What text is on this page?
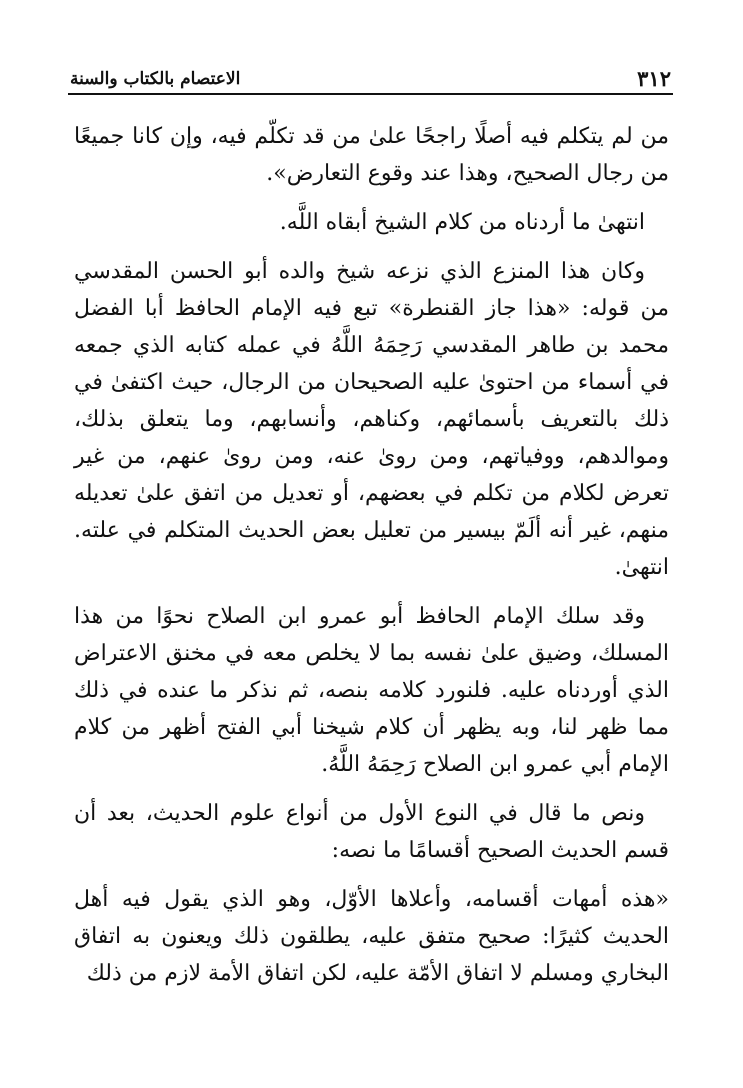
٣١٢
الاعتصام بالكتاب والسنة

من لم يتكلم فيه أصلًا راجحًا علىٰ من قد تكلّم فيه، وإن كانا جميعًا من رجال الصحيح، وهذا عند وقوع التعارض».

انتهىٰ ما أردناه من كلام الشيخ أبقاه اللَّه.

وكان هذا المنزع الذي نزعه شيخ والده أبو الحسن المقدسي من قوله: «هذا جاز القنطرة» تبع فيه الإمام الحافظ أبا الفضل محمد بن طاهر المقدسي رَحِمَهُ اللَّهُ في عمله كتابه الذي جمعه في أسماء من احتوىٰ عليه الصحيحان من الرجال، حيث اكتفىٰ في ذلك بالتعريف بأسمائهم، وكناهم، وأنسابهم، وما يتعلق بذلك، وموالدهم، ووفياتهم، ومن روىٰ عنه، ومن روىٰ عنهم، من غير تعرض لكلام من تكلم في بعضهم، أو تعديل من اتفق علىٰ تعديله منهم، غير أنه ألَمّ بيسير من تعليل بعض الحديث المتكلم في علته. انتهىٰ.

وقد سلك الإمام الحافظ أبو عمرو ابن الصلاح نحوًا من هذا المسلك، وضيق علىٰ نفسه بما لا يخلص معه في مخنق الاعتراض الذي أوردناه عليه. فلنورد كلامه بنصه، ثم نذكر ما عنده في ذلك مما ظهر لنا، وبه يظهر أن كلام شيخنا أبي الفتح أظهر من كلام الإمام أبي عمرو ابن الصلاح رَحِمَهُ اللَّهُ.

ونص ما قال في النوع الأول من أنواع علوم الحديث، بعد أن قسم الحديث الصحيح أقسامًا ما نصه:

«هذه أمهات أقسامه، وأعلاها الأوّل، وهو الذي يقول فيه أهل الحديث كثيرًا: صحيح متفق عليه، يطلقون ذلك ويعنون به اتفاق البخاري ومسلم لا اتفاق الأمّة عليه، لكن اتفاق الأمة لازم من ذلك
